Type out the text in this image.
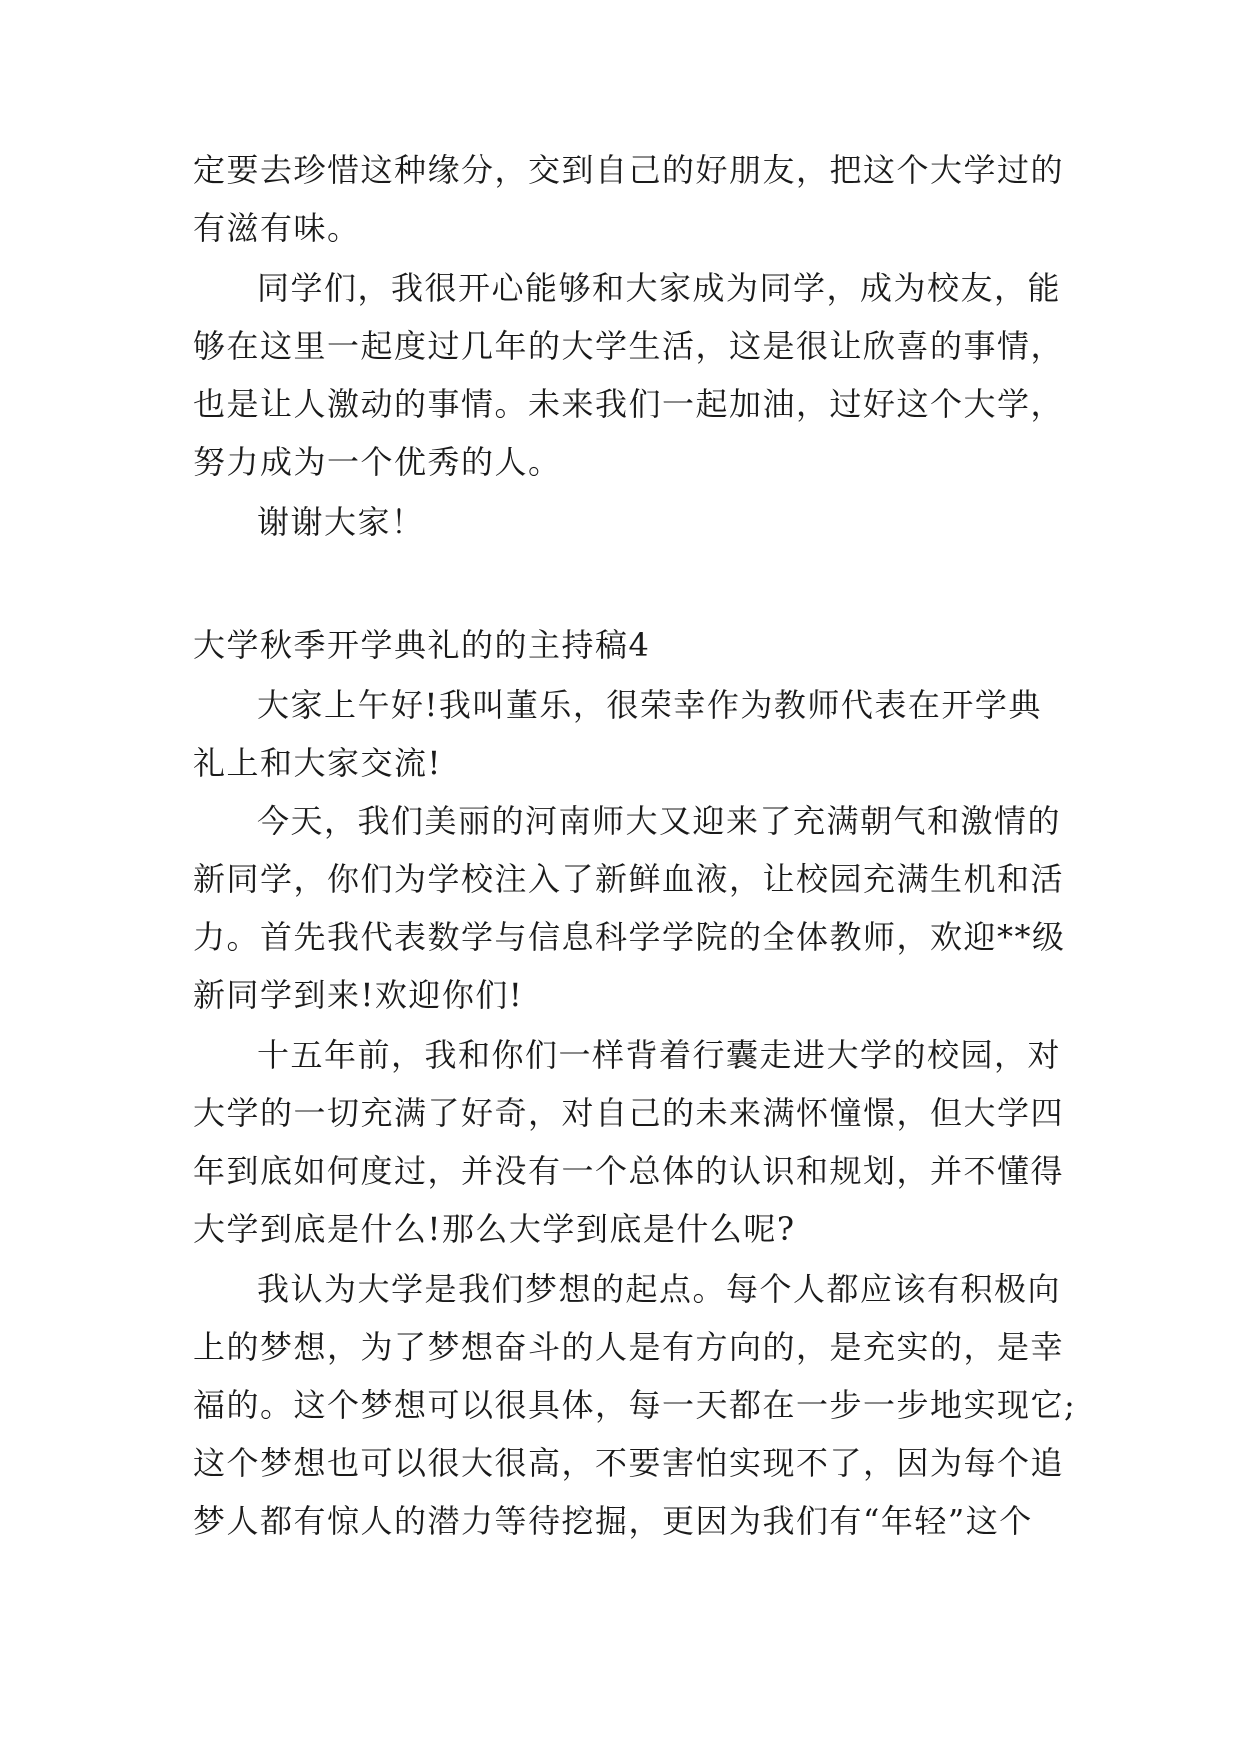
定要去珍惜这种缘分，交到自己的好朋友，把这个大学过的
有滋有味。
同学们，我很开心能够和大家成为同学，成为校友，能
够在这里一起度过几年的大学生活，这是很让欣喜的事情，
也是让人激动的事情。未来我们一起加油，过好这个大学，
努力成为一个优秀的人。
谢谢大家！
大学秋季开学典礼的的主持稿4
大家上午好!我叫董乐，很荣幸作为教师代表在开学典
礼上和大家交流!
今天，我们美丽的河南师大又迎来了充满朝气和激情的
新同学，你们为学校注入了新鲜血液，让校园充满生机和活
力。首先我代表数学与信息科学学院的全体教师，欢迎**级
新同学到来!欢迎你们!
十五年前，我和你们一样背着行囊走进大学的校园，对
大学的一切充满了好奇，对自己的未来满怀憧憬，但大学四
年到底如何度过，并没有一个总体的认识和规划，并不懂得
大学到底是什么!那么大学到底是什么呢?
我认为大学是我们梦想的起点。每个人都应该有积极向
上的梦想，为了梦想奋斗的人是有方向的，是充实的，是幸
福的。这个梦想可以很具体，每一天都在一步一步地实现它;
这个梦想也可以很大很高，不要害怕实现不了，因为每个追
梦人都有惊人的潜力等待挖掘，更因为我们有“年轻”这个
